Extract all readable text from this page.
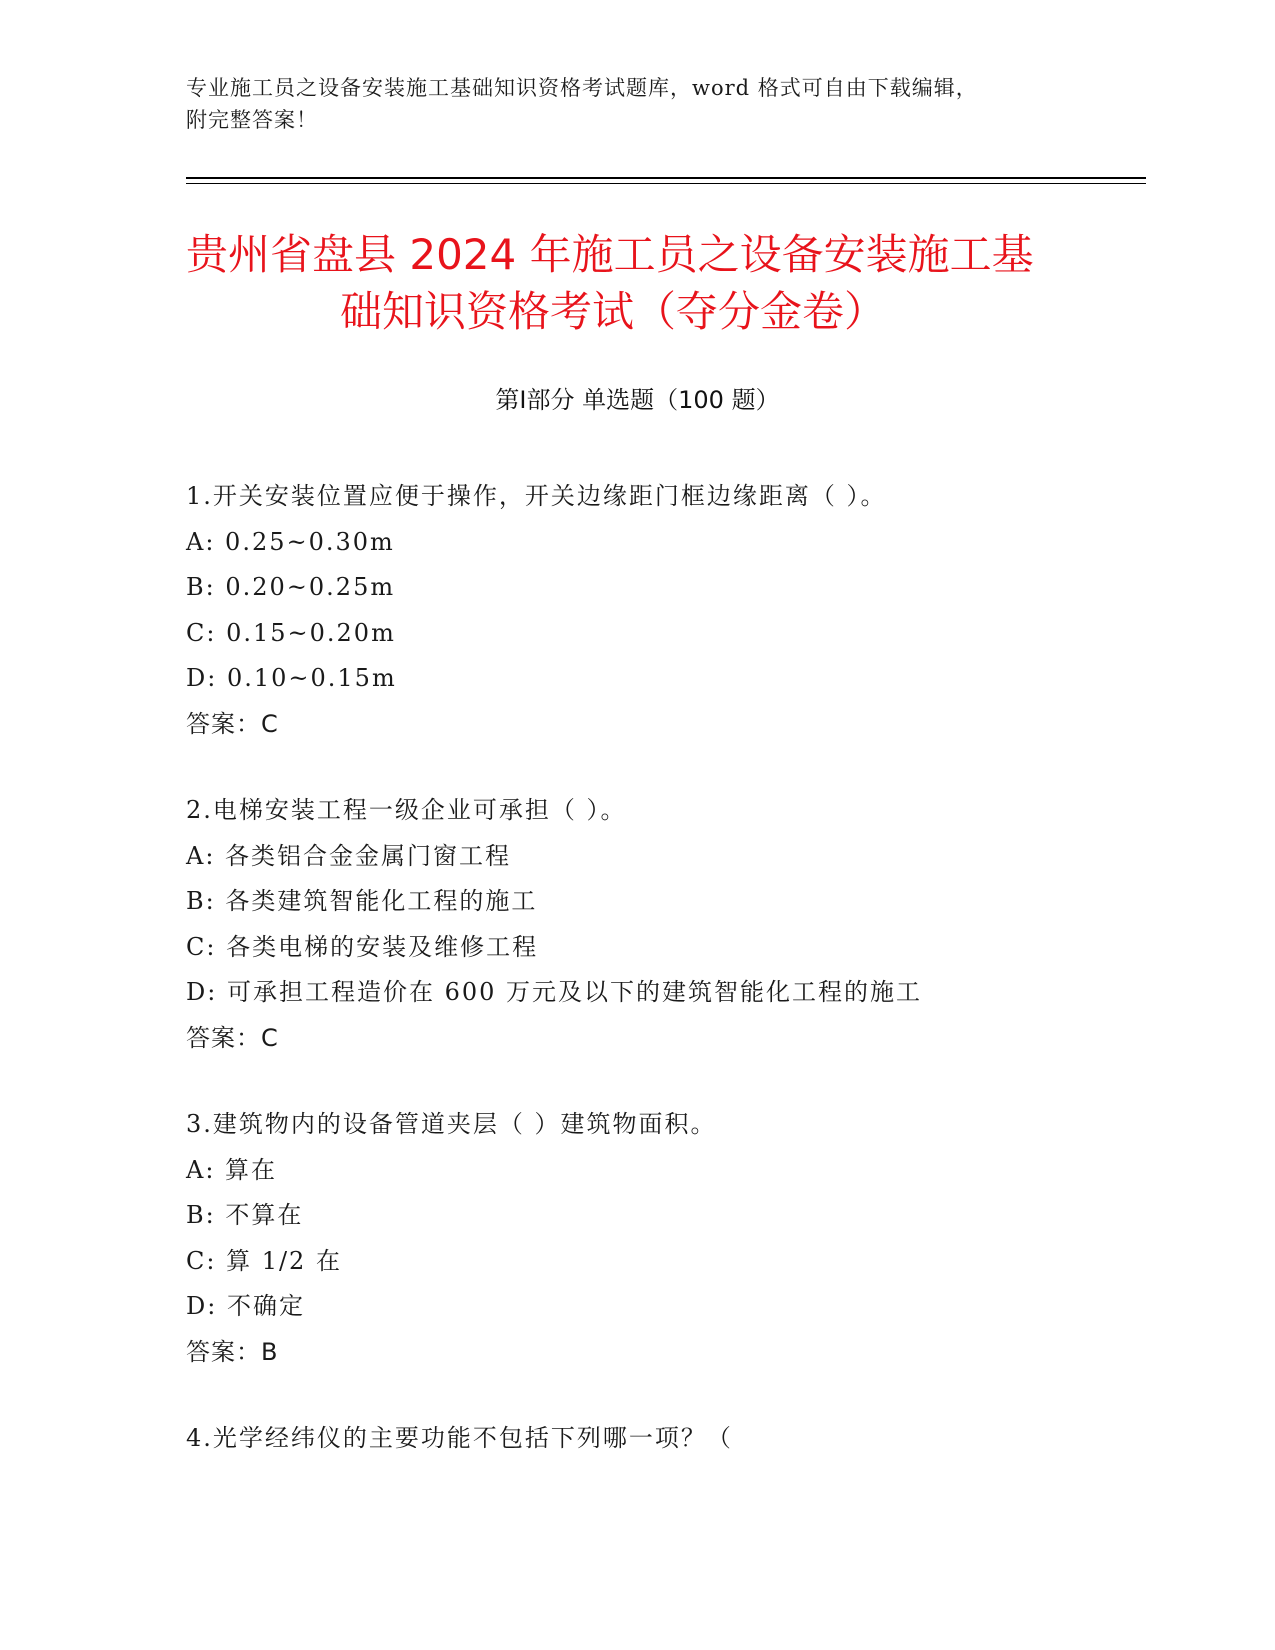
专业施工员之设备安装施工基础知识资格考试题库，word 格式可自由下载编辑，
附完整答案！
贵州省盘县 2024 年施工员之设备安装施工基
础知识资格考试（夺分金卷）
第Ⅰ部分 单选题（100 题）
1.开关安装位置应便于操作，开关边缘距门框边缘距离（ ）。
A: 0.25~0.30m
B: 0.20~0.25m
C: 0.15~0.20m
D: 0.10~0.15m
答案：C
2.电梯安装工程一级企业可承担（ ）。
A: 各类铝合金金属门窗工程
B: 各类建筑智能化工程的施工
C: 各类电梯的安装及维修工程
D: 可承担工程造价在 600 万元及以下的建筑智能化工程的施工
答案：C
3.建筑物内的设备管道夹层（ ）建筑物面积。
A: 算在
B: 不算在
C: 算 1/2 在
D: 不确定
答案：B
4.光学经纬仪的主要功能不包括下列哪一项？（
